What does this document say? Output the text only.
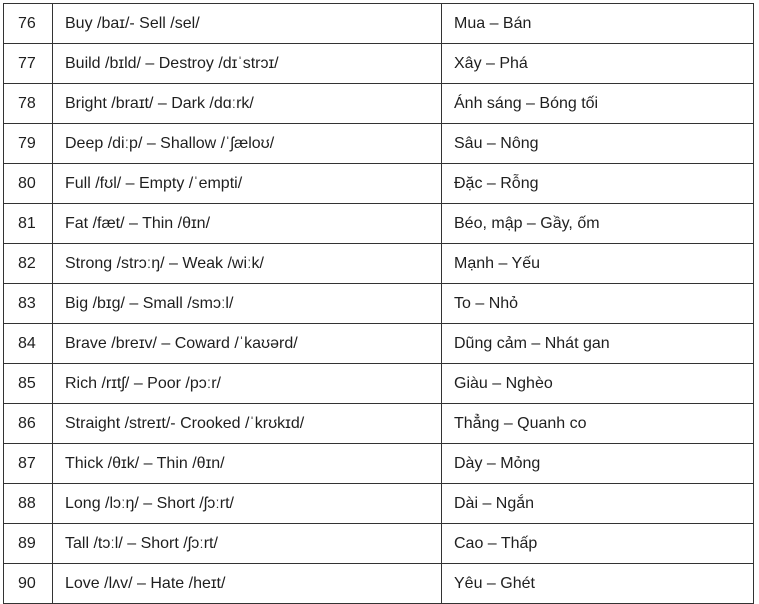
76	Buy /baɪ/- Sell /sel/	Mua – Bán
77	Build /bɪld/ – Destroy /dɪˈstrɔɪ/	Xây – Phá
78	Bright /braɪt/ – Dark /dɑːrk/	Ánh sáng – Bóng tối
79	Deep /diːp/ – Shallow /ˈʃæloʊ/	Sâu – Nông
80	Full /fʊl/ – Empty /ˈempti/	Đặc – Rỗng
81	Fat /fæt/ – Thin /θɪn/	Béo, mập – Gầy, ốm
82	Strong /strɔːŋ/ – Weak /wiːk/	Mạnh – Yếu
83	Big /bɪɡ/ – Small /smɔːl/	To – Nhỏ
84	Brave /breɪv/ – Coward /ˈkaʊərd/	Dũng cảm – Nhát gan
85	Rich /rɪtʃ/ – Poor /pɔːr/	Giàu – Nghèo
86	Straight /streɪt/- Crooked /ˈkrʊkɪd/	Thẳng – Quanh co
87	Thick /θɪk/ – Thin /θɪn/	Dày – Mỏng
88	Long /lɔːŋ/ – Short /ʃɔːrt/	Dài – Ngắn
89	Tall /tɔːl/ – Short /ʃɔːrt/	Cao – Thấp
90	Love /lʌv/ – Hate /heɪt/	Yêu – Ghét
